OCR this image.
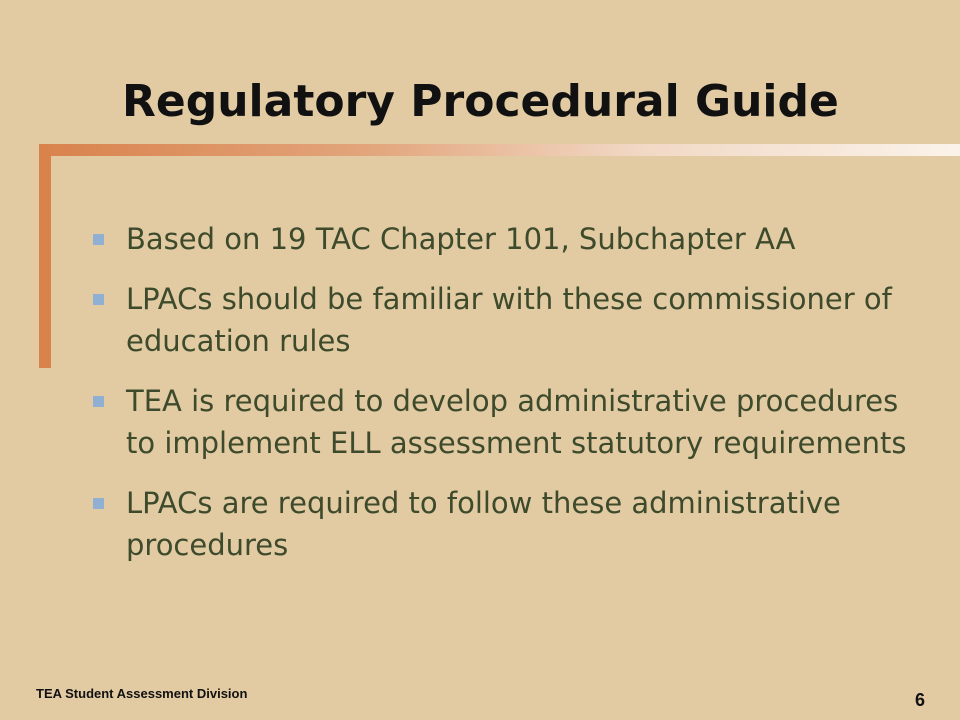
Regulatory Procedural Guide
Based on 19 TAC Chapter 101, Subchapter AA
LPACs should be familiar with these commissioner of education rules
TEA is required to develop administrative procedures to implement ELL assessment statutory requirements
LPACs are required to follow these administrative procedures
TEA Student Assessment Division	6
